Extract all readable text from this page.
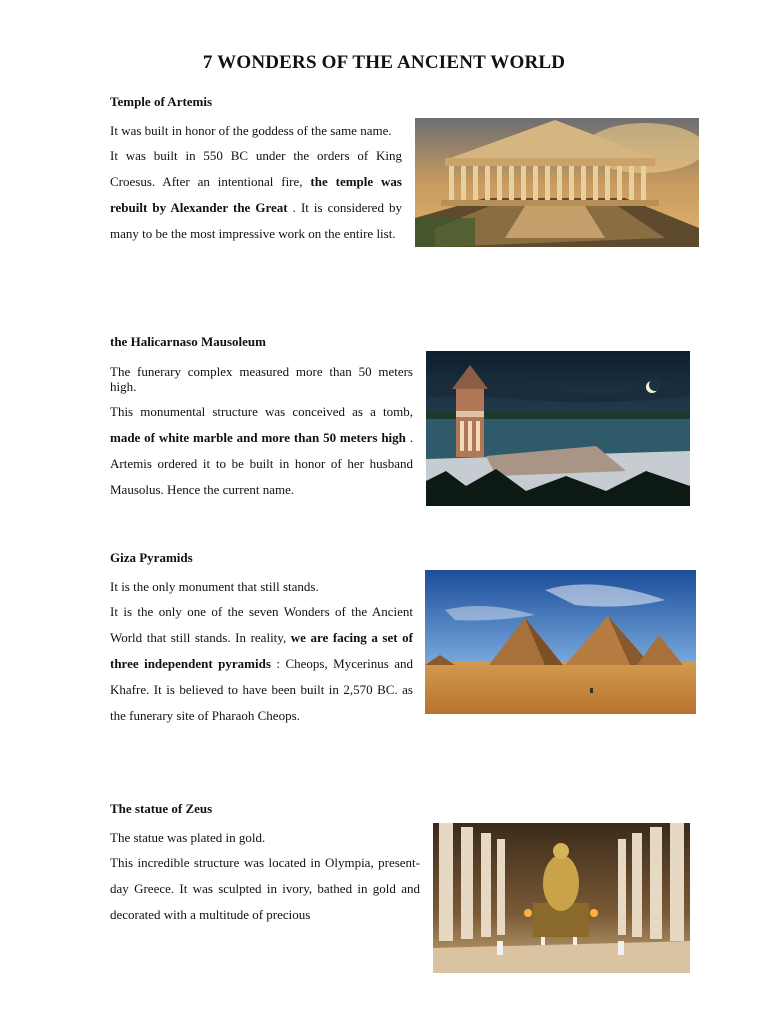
7 WONDERS OF THE ANCIENT WORLD

Temple of Artemis

It was built in honor of the goddess of the same name.

It was built in 550 BC under the orders of King Croesus. After an intentional fire, the temple was rebuilt by Alexander the Great . It is considered by many to be the most impressive work on the entire list.

the Halicarnaso Mausoleum

The funerary complex measured more than 50 meters high.

This monumental structure was conceived as a tomb, made of white marble and more than 50 meters high . Artemis ordered it to be built in honor of her husband Mausolus. Hence the current name.

Giza Pyramids

It is the only monument that still stands.

It is the only one of the seven Wonders of the Ancient World that still stands. In reality, we are facing a set of three independent pyramids : Cheops, Mycerinus and Khafre. It is believed to have been built in 2,570 BC. as the funerary site of Pharaoh Cheops.

The statue of Zeus

The statue was plated in gold.

This incredible structure was located in Olympia, present-day Greece. It was sculpted in ivory, bathed in gold and decorated with a multitude of precious
